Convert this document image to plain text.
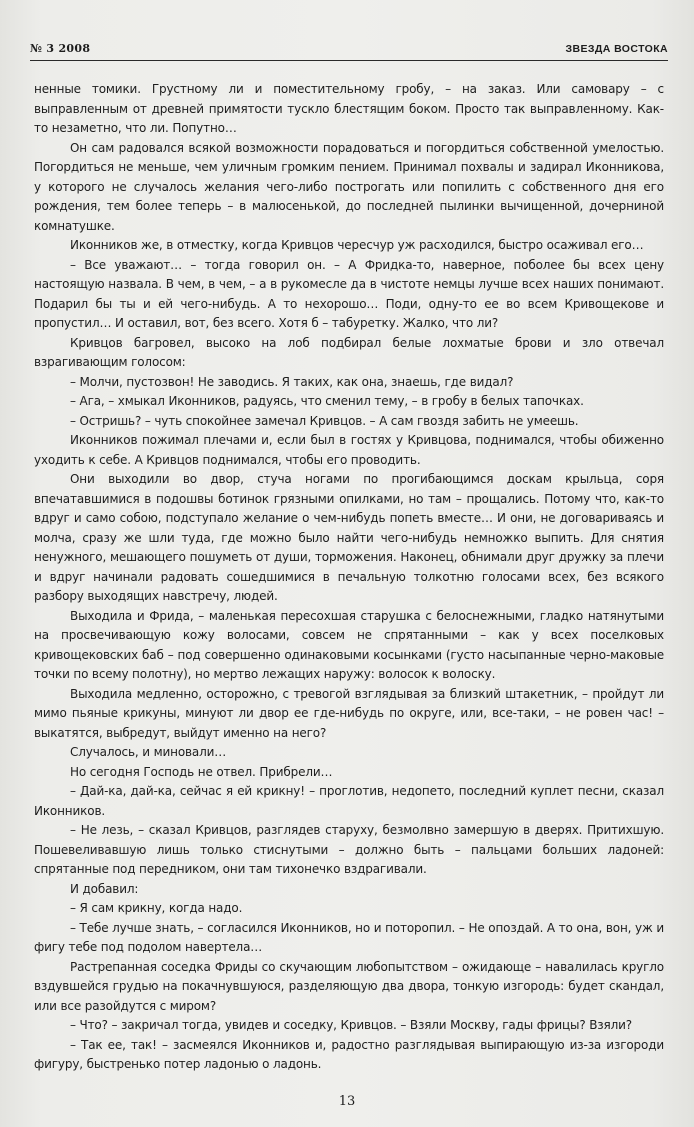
№ 3 2008	ЗВЕЗДА ВОСТОКА

ненные томики. Грустному ли и поместительному гробу, – на заказ. Или самовару – с выправленным от древней примятости тускло блестящим боком. Просто так выправленному. Как-то незаметно, что ли. Попутно…

Он сам радовался всякой возможности порадоваться и погордиться собственной умелостью. Погордиться не меньше, чем уличным громким пением. Принимал похвалы и задирал Иконникова, у которого не случалось желания чего-либо построгать или попилить с собственного дня его рождения, тем более теперь – в малюсенькой, до последней пылинки вычищенной, дочерниной комнатушке.

Иконников же, в отместку, когда Кривцов чересчур уж расходился, быстро осаживал его…

– Все уважают… – тогда говорил он. – А Фридка-то, наверное, поболее бы всех цену настоящую назвала. В чем, в чем, – а в рукомесле да в чистоте немцы лучше всех наших понимают. Подарил бы ты и ей чего-нибудь. А то нехорошо… Поди, одну-то ее во всем Кривощекове и пропустил… И оставил, вот, без всего. Хотя б – табуретку. Жалко, что ли?

Кривцов багровел, высоко на лоб подбирал белые лохматые брови и зло отвечал взрагивающим голосом:

– Молчи, пустозвон! Не заводись. Я таких, как она, знаешь, где видал?

– Ага, – хмыкал Иконников, радуясь, что сменил тему, – в гробу в белых тапочках.

– Остришь? – чуть спокойнее замечал Кривцов. – А сам гвоздя забить не умеешь.

Иконников пожимал плечами и, если был в гостях у Кривцова, поднимался, чтобы обиженно уходить к себе. А Кривцов поднимался, чтобы его проводить.

Они выходили во двор, стуча ногами по прогибающимся доскам крыльца, соря впечатавшимися в подошвы ботинок грязными опилками, но там – прощались. Потому что, как-то вдруг и само собою, подступало желание о чем-нибудь попеть вместе… И они, не договариваясь и молча, сразу же шли туда, где можно было найти чего-нибудь немножко выпить. Для снятия ненужного, мешающего пошуметь от души, торможения. Наконец, обнимали друг дружку за плечи и вдруг начинали радовать сошедшимися в печальную толкотню голосами всех, без всякого разбору выходящих навстречу, людей.

Выходила и Фрида, – маленькая пересохшая старушка с белоснежными, гладко натянутыми на просвечивающую кожу волосами, совсем не спрятанными – как у всех поселковых кривощековских баб – под совершенно одинаковыми косынками (густо насыпанные черно-маковые точки по всему полотну), но мертво лежащих наружу: волосок к волоску.

Выходила медленно, осторожно, с тревогой взглядывая за близкий штакетник, – пройдут ли мимо пьяные крикуны, минуют ли двор ее где-нибудь по округе, или, все-таки, – не ровен час! – выкатятся, выбредут, выйдут именно на него?

Случалось, и миновали…

Но сегодня Господь не отвел. Прибрели…

– Дай-ка, дай-ка, сейчас я ей крикну! – проглотив, недопето, последний куплет песни, сказал Иконников.

– Не лезь, – сказал Кривцов, разглядев старуху, безмолвно замершую в дверях. Притихшую. Пошевеливавшую лишь только стиснутыми – должно быть – пальцами больших ладоней: спрятанные под передником, они там тихонечко вздрагивали.

И добавил:

– Я сам крикну, когда надо.

– Тебе лучше знать, – согласился Иконников, но и поторопил. – Не опоздай. А то она, вон, уж и фигу тебе под подолом навертела…

Растрепанная соседка Фриды со скучающим любопытством – ожидающе – навалилась кругло вздувшейся грудью на покачнувшуюся, разделяющую два двора, тонкую изгородь: будет скандал, или все разойдутся с миром?

– Что? – закричал тогда, увидев и соседку, Кривцов. – Взяли Москву, гады фрицы? Взяли?

– Так ее, так! – засмеялся Иконников и, радостно разглядывая выпирающую из-за изгороди фигуру, быстренько потер ладонью о ладонь.

13
